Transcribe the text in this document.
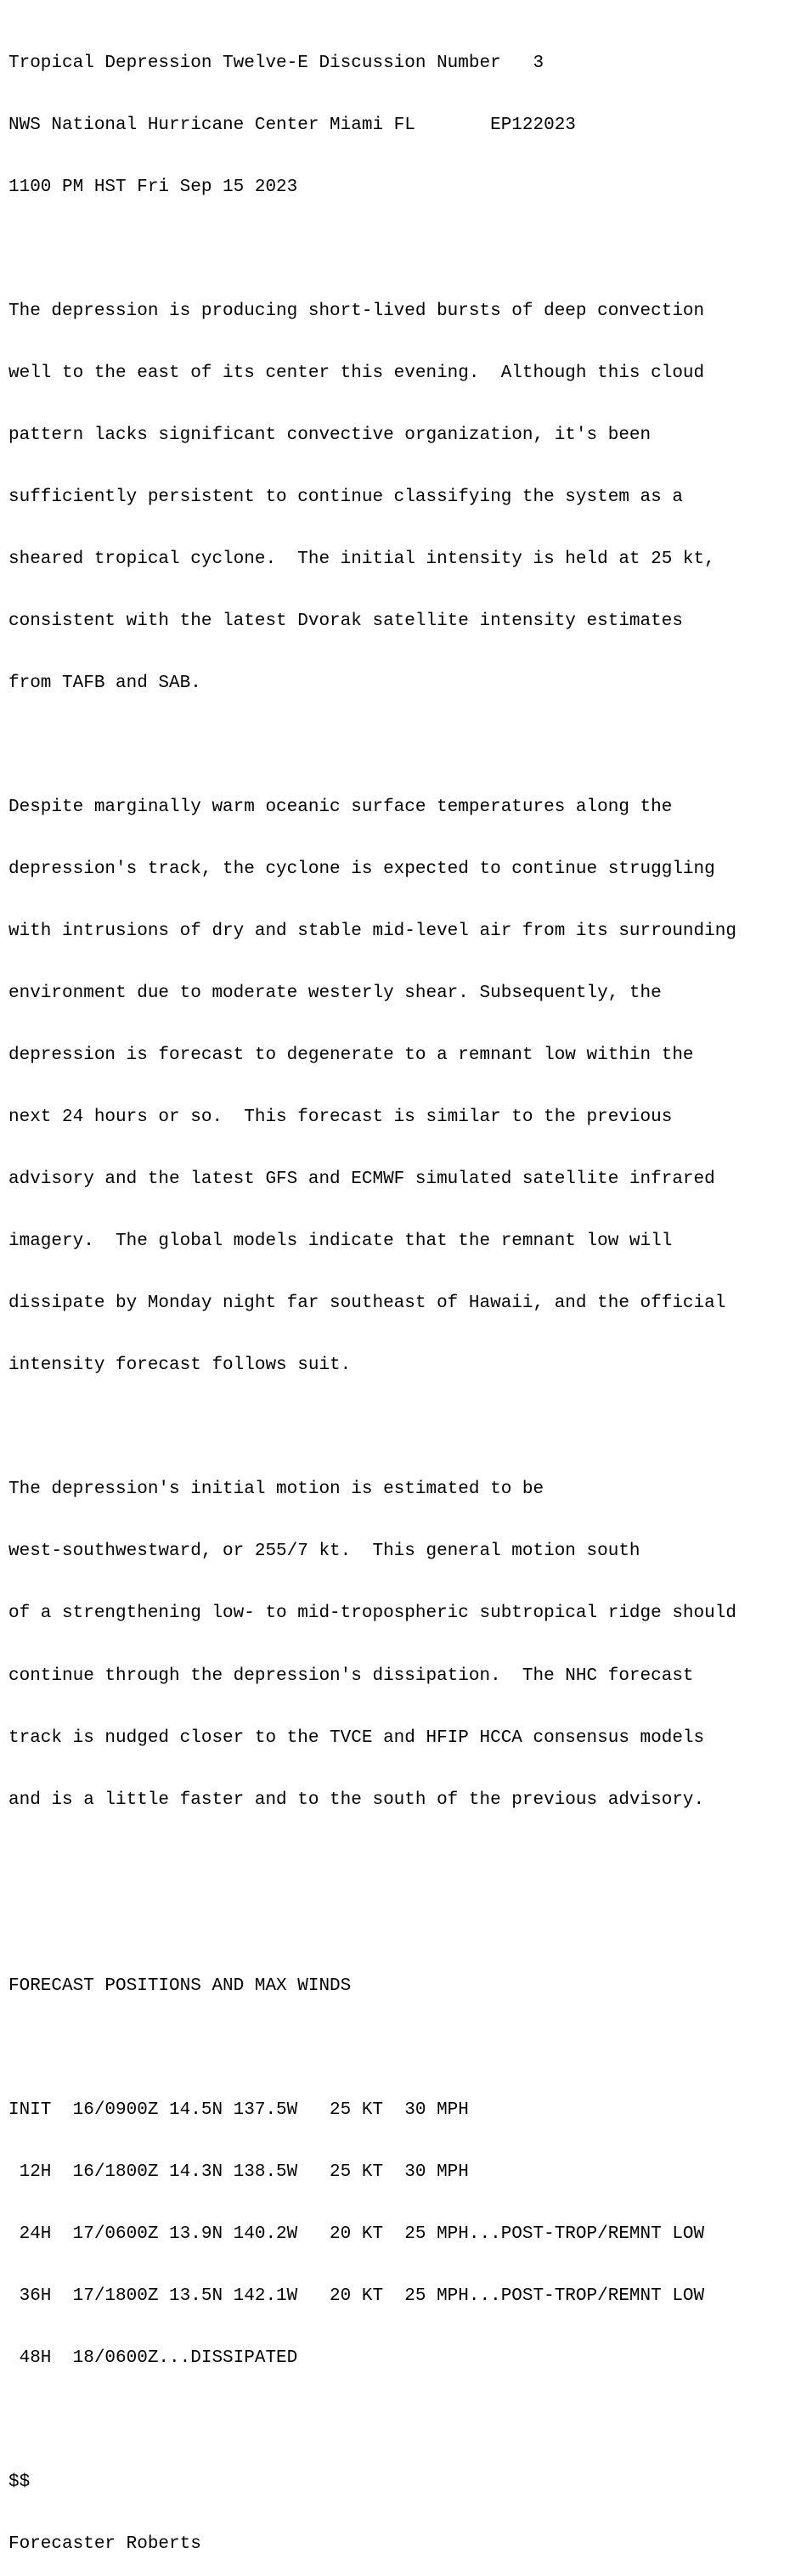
Tropical Depression Twelve-E Discussion Number   3

NWS National Hurricane Center Miami FL       EP122023

1100 PM HST Fri Sep 15 2023

The depression is producing short-lived bursts of deep convection

well to the east of its center this evening.  Although this cloud

pattern lacks significant convective organization, it's been

sufficiently persistent to continue classifying the system as a

sheared tropical cyclone.  The initial intensity is held at 25 kt,

consistent with the latest Dvorak satellite intensity estimates

from TAFB and SAB.

Despite marginally warm oceanic surface temperatures along the

depression's track, the cyclone is expected to continue struggling

with intrusions of dry and stable mid-level air from its surrounding

environment due to moderate westerly shear. Subsequently, the

depression is forecast to degenerate to a remnant low within the

next 24 hours or so.  This forecast is similar to the previous

advisory and the latest GFS and ECMWF simulated satellite infrared

imagery.  The global models indicate that the remnant low will

dissipate by Monday night far southeast of Hawaii, and the official

intensity forecast follows suit.

The depression's initial motion is estimated to be

west-southwestward, or 255/7 kt.  This general motion south

of a strengthening low- to mid-tropospheric subtropical ridge should

continue through the depression's dissipation.  The NHC forecast

track is nudged closer to the TVCE and HFIP HCCA consensus models

and is a little faster and to the south of the previous advisory.

FORECAST POSITIONS AND MAX WINDS

INIT  16/0900Z 14.5N 137.5W   25 KT  30 MPH

12H  16/1800Z 14.3N 138.5W   25 KT  30 MPH

24H  17/0600Z 13.9N 140.2W   20 KT  25 MPH...POST-TROP/REMNT LOW

36H  17/1800Z 13.5N 142.1W   20 KT  25 MPH...POST-TROP/REMNT LOW

48H  18/0600Z...DISSIPATED

$$

Forecaster Roberts
